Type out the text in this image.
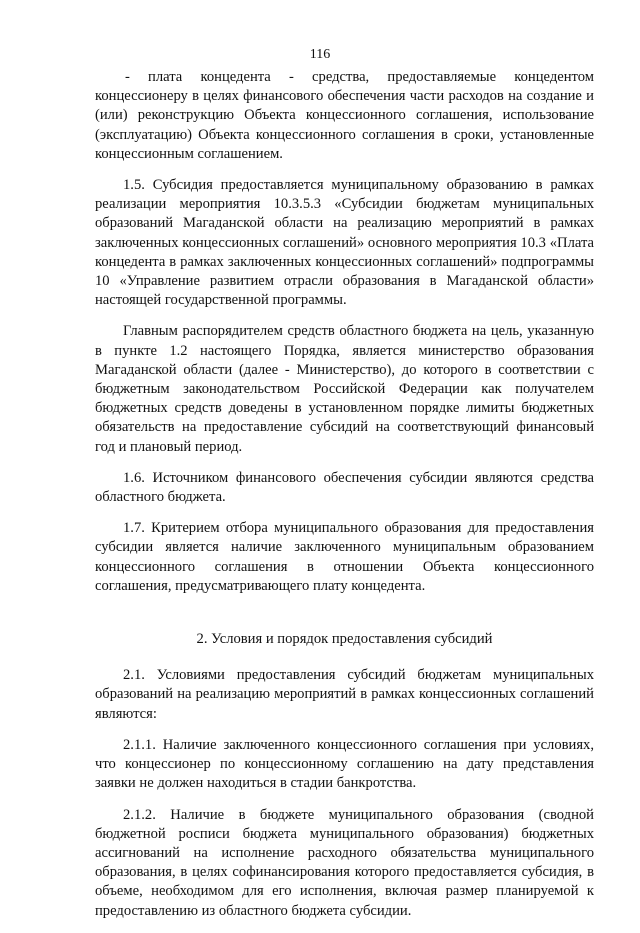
116

- плата концедента - средства, предоставляемые концедентом концессионеру в целях финансового обеспечения части расходов на создание и (или) реконструкцию Объекта концессионного соглашения, использование (эксплуатацию) Объекта концессионного соглашения в сроки, установленные концессионным соглашением.

1.5. Субсидия предоставляется муниципальному образованию в рамках реализации мероприятия 10.3.5.3 «Субсидии бюджетам муниципальных образований Магаданской области на реализацию мероприятий в рамках заключенных концессионных соглашений» основного мероприятия 10.3 «Плата концедента в рамках заключенных концессионных соглашений» подпрограммы 10 «Управление развитием отрасли образования в Магаданской области» настоящей государственной программы.

Главным распорядителем средств областного бюджета на цель, указанную в пункте 1.2 настоящего Порядка, является министерство образования Магаданской области (далее - Министерство), до которого в соответствии с бюджетным законодательством Российской Федерации как получателем бюджетных средств доведены в установленном порядке лимиты бюджетных обязательств на предоставление субсидий на соответствующий финансовый год и плановый период.

1.6. Источником финансового обеспечения субсидии являются средства областного бюджета.

1.7. Критерием отбора муниципального образования для предоставления субсидии является наличие заключенного муниципальным образованием концессионного соглашения в отношении Объекта концессионного соглашения, предусматривающего плату концедента.

2. Условия и порядок предоставления субсидий

2.1. Условиями предоставления субсидий бюджетам муниципальных образований на реализацию мероприятий в рамках концессионных соглашений являются:

2.1.1. Наличие заключенного концессионного соглашения при условиях, что концессионер по концессионному соглашению на дату представления заявки не должен находиться в стадии банкротства.

2.1.2. Наличие в бюджете муниципального образования (сводной бюджетной росписи бюджета муниципального образования) бюджетных ассигнований на исполнение расходного обязательства муниципального образования, в целях софинансирования которого предоставляется субсидия, в объеме, необходимом для его исполнения, включая размер планируемой к предоставлению из областного бюджета субсидии.
